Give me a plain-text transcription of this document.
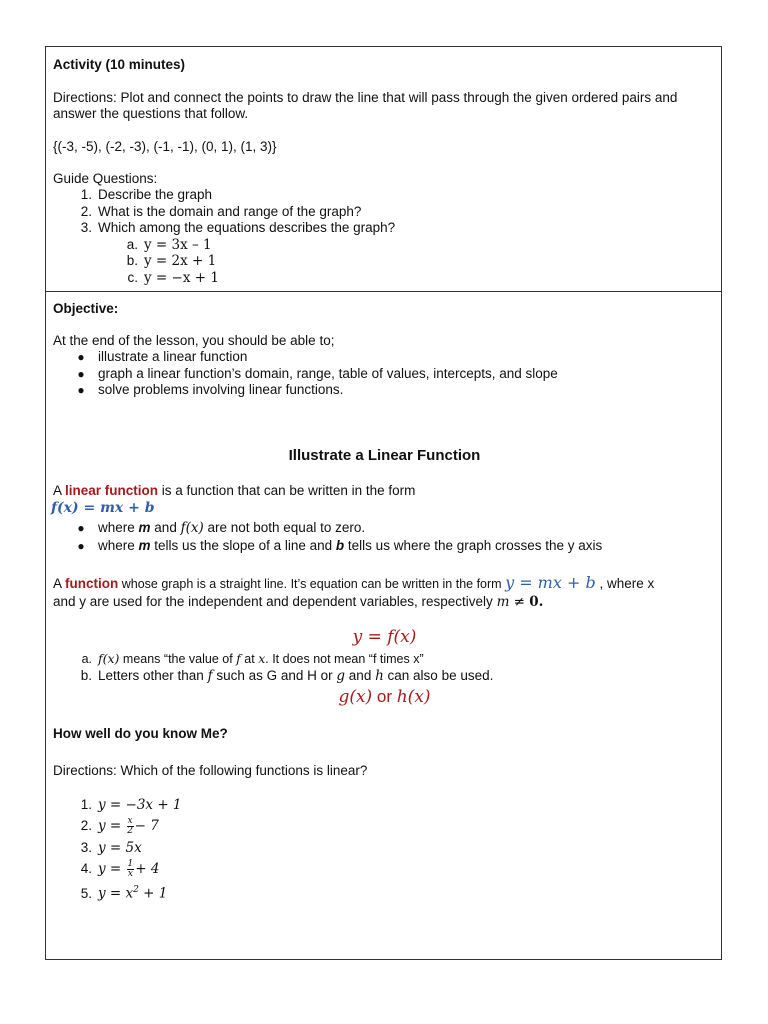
Activity (10 minutes)

Directions: Plot and connect the points to draw the line that will pass through the given ordered pairs and

answer the questions that follow.

{(-3, -5), (-2, -3), (-1, -1), (0, 1), (1, 3)}

Guide Questions:

1. Describe the graph

2. What is the domain and range of the graph?

3. Which among the equations describes the graph?

a. y = 3x – 1

b. y = 2x + 1

c. y = −x + 1

Objective:

At the end of the lesson, you should be able to;

● illustrate a linear function

● graph a linear function’s domain, range, table of values, intercepts, and slope

● solve problems involving linear functions.

Illustrate a Linear Function

A linear function is a function that can be written in the form

f(x) = mx + b

● where m and f(x) are not both equal to zero.

● where m tells us the slope of a line and b tells us where the graph crosses the y axis

A function whose graph is a straight line. It’s equation can be written in the form y = mx + b , where x

and y are used for the independent and dependent variables, respectively m ≠ 0.

y = f(x)

a. f(x) means “the value of f at x. It does not mean “f times x”

b. Letters other than f such as G and H or g and h can also be used.

g(x) or h(x)

How well do you know Me?

Directions: Which of the following functions is linear?

1. y = −3x + 1

2. $y = \frac{x}{2} - 7$

3. y = 5x

4. $y = \frac{1}{x} + 4$

5. $y = x^2 + 1$
